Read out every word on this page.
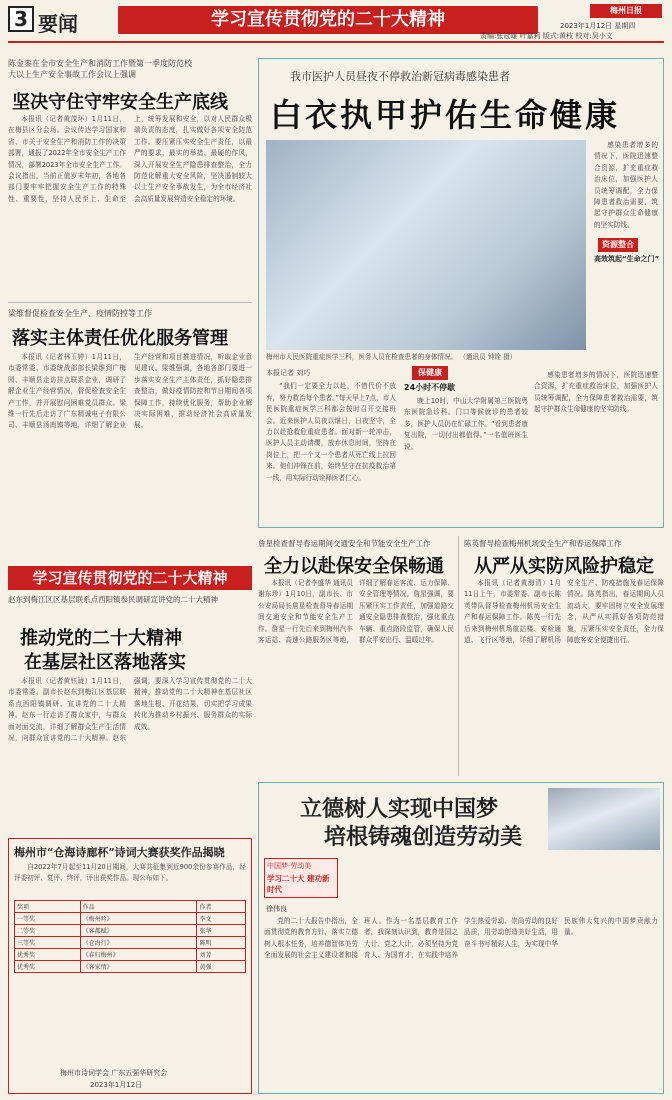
3 要闻	学习宣传贯彻党的二十大精神	梅州日报
2023年1月12日 星期四
责编:张冠雄 叶嘉莉 版式:黄枝 校对:吴小文
陈金銮在全市安全生产和消防工作暨第一季度防范校
大以上生产安全事故工作会议上强调
坚决守住守牢安全生产底线

本报讯（记者黄茂环）1月11日，在梅县区分会场。会议传达学习国家和省、市关于安全生产和消防工作的决策部署，通报了2022年全市安全生产工作情况，部署2023年全市安全生产工作。会议指出，当前正值岁末年初，各地各部门要牢牢把握安全生产工作的特殊性、重要性，坚持人民至上、生命至上，统筹发展和安全，以对人民群众极端负责的态度，扎实做好各项安全防范工作。要压紧压实安全生产责任，以最严的要求、最实的举措、最硬的作风，深入开展安全生产隐患排查整治，全力防范化解重大安全风险，坚决遏制较大以上生产安全事故发生，为全市经济社会高质量发展营造安全稳定的环境。

梁维督促检查安全生产、疫情防控等工作
落实主体责任优化服务管理

本报讯（记者林玉婷）1月11日，市委常委、市委统战部部长梁维到广梅园、丰顺县走访挂点联系企业，调研了解企业生产经营情况，督促检查安全生产工作，并开展慰问困难党员群众。梁维一行先后走访了广东精诚电子有限公司、丰顺县汤南镇等地，详细了解企业生产经营和项目推进情况，听取企业意见建议。梁维强调，各地各部门要进一步落实安全生产主体责任，抓好隐患排查整治，做好疫情防控和节日期间各项保障工作，持续优化服务，帮助企业解决实际困难，推动经济社会高质量发展。

我市医护人员昼夜不停救治新冠病毒感染患者
白衣执甲护佑生命健康
梅州市人民医院重症医学三科，医务人员在检查患者的身体情况。 （通讯员 钟铨 摄）

感染患者增多的情况下，医院迅速整合资源，扩充重症救治床位，加强医护人员统筹调配，全力保障患者救治需要，筑起守护群众生命健康的坚实防线。

资源整合
本报记者 刘巧

“我们一定要全力以赴，不惜代价不放弃，努力救治每个患者。”每天早上7点，市人民医院重症医学三科都会按时召开交接班会。近来医护人员夜以继日，日夜坚守，全力以赴抢救危重症患者。面对新一轮冲击，医护人员主动请缨，放弃休息时间，坚持在岗位上，把一个又一个患者从死亡线上拉回来。他们冲锋在前，始终坚守在抗疫救治第一线，用实际行动诠释医者仁心。

保健康
24小时不停歇

晚上10时，中山大学附属第三医院粤东医院急诊科。门口等候就诊的患者较多，医护人员仍在忙碌工作。“看到患者康复出院，一切付出都值得。”一名值班医生说。

高效筑起“生命之门”

感染患者增多的情况下，医院迅速整合资源，扩充重症救治床位，加强医护人员统筹调配，全力保障患者救治需要，筑起守护群众生命健康的坚实防线。

学习宣传贯彻党的二十大精神
赵东到梅江区区基层联系点西阳镇参民调研宣讲党的二十大精神
推动党的二十大精神
在基层社区落地落实

本报讯（记者黄钰珑）1月11日，市委常委、副市长赵东到梅江区基层联系点西阳镇调研、宣讲党的二十大精神。赵东一行走访了群众家中，与群众面对面交流，详细了解群众生产生活情况，向群众宣讲党的二十大精神。赵东强调，要深入学习宣传贯彻党的二十大精神，推动党的二十大精神在基层社区落地生根、开花结果，切实把学习成果转化为推动乡村振兴、服务群众的实际成效。

詹星检查督导春运期间交通安全和节能安全生产工作
全力以赴保安全保畅通

本报讯（记者李盛华 通讯员谢东珍）1月10日，副市长、市公安局局长詹星检查督导春运期间交通安全和节能安全生产工作。詹星一行先后来到梅州汽车客运站、高速公路服务区等地，详细了解春运客流、运力保障、安全管理等情况。詹星强调，要压紧压实工作责任，加强道路交通安全隐患排查整治，强化重点车辆、重点路段监管，确保人民群众平安出行、温暖过年。

陈英督导检查梅州机场安全生产和春运保障工作
从严从实防风险护稳定

本报讯（记者黄海清）1月11日上午，市委常委、副市长陈英带队督导检查梅州机场安全生产和春运保障工作。陈英一行先后来到梅州机场航站楼、安检通道、飞行区等地，详细了解机场安全生产、防疫措施及春运保障情况。陈英指出，春运期间人员流动大，要牢固树立安全发展理念，从严从实抓好各项防范措施，压紧压实安全责任，全力保障旅客安全便捷出行。

梅州市“仓海诗廊杯”诗词大赛获奖作品揭晓

自2022年7月起至11月20日期间，大赛共征集到近900余份参赛作品，经评委初评、复评、终评，评出获奖作品。现公布如下。

奖项	作品	作者
一等奖	《梅州吟》	李文
二等奖	《客都赋》	张华
三等奖	《仓海行》	陈明
优秀奖	《春归梅州》	刘芳
优秀奖	《客家情》	黄强
梅州市诗词学会 广东五强华研究会
2023年1月12日
立德树人实现中国梦
培根铸魂创造劳动美
中国梦·劳动美
学习二十大 建功新时代
徐伟良

党的二十大报告中指出，全面贯彻党的教育方针，落实立德树人根本任务，培养德智体美劳全面发展的社会主义建设者和接班人。作为一名基层教育工作者，我深刻认识到，教育是国之大计、党之大计，必须坚持为党育人、为国育才，在实践中培养学生热爱劳动、崇尚劳动的良好品质，用劳动创造美好生活，用奋斗书写精彩人生，为实现中华民族伟大复兴的中国梦贡献力量。
